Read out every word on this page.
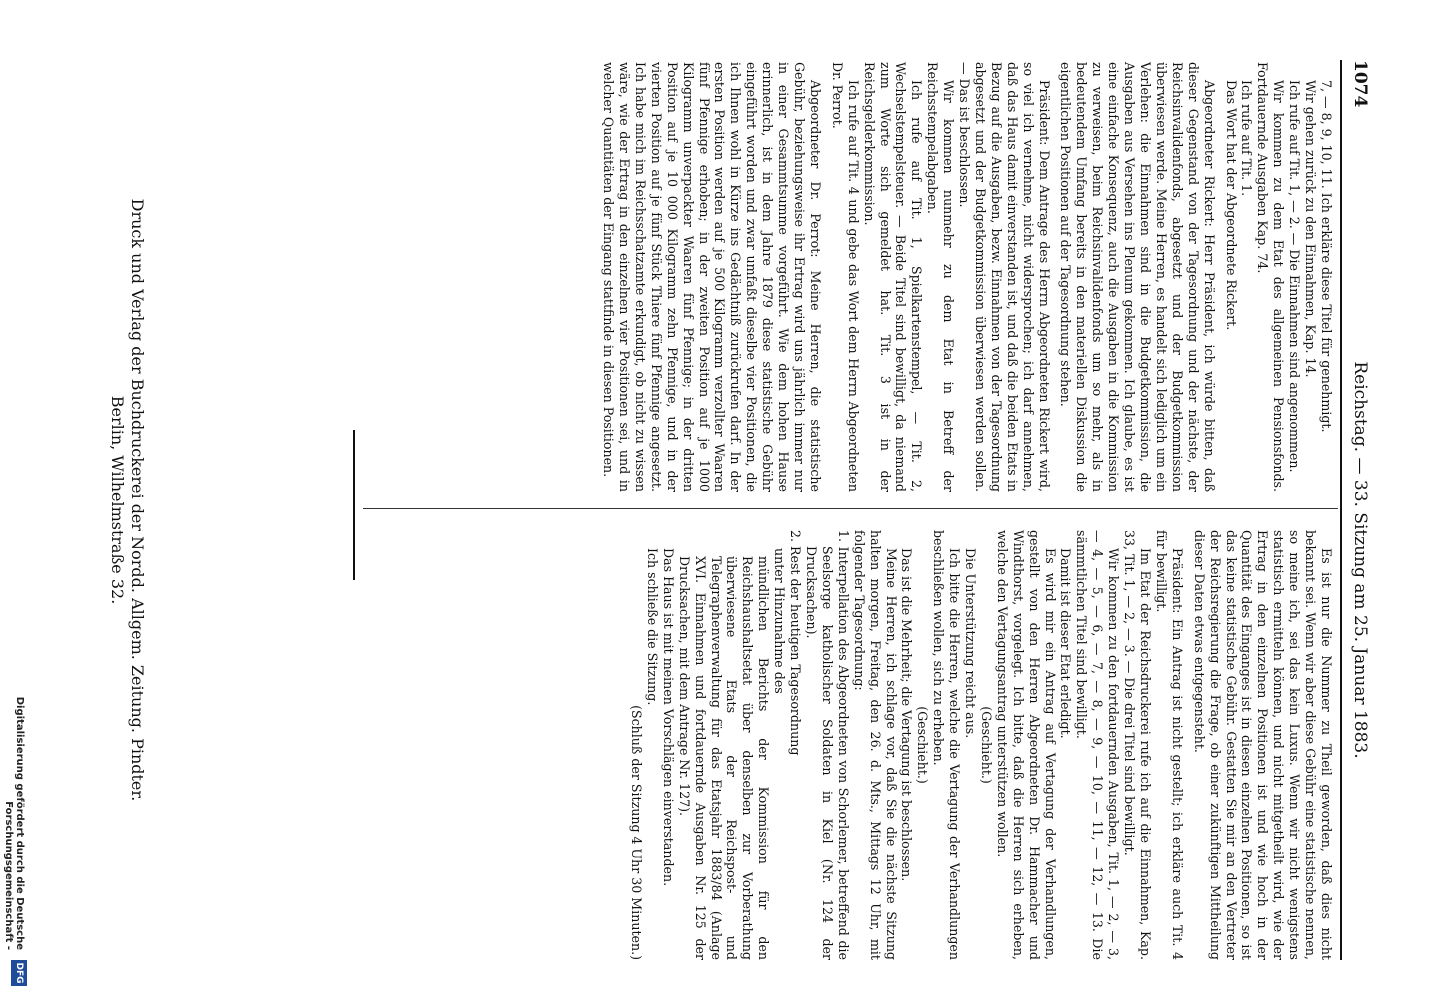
1074
Reichstag. — 33. Sitzung am 25. Januar 1883.

7, — 8, 9, 10, 11. Ich erkläre diese Titel für genehmigt.

Wir gehen zurück zu den Einnahmen, Kap. 14.

Ich rufe auf Tit. 1, — 2. — Die Einnahmen sind angenommen.

Wir kommen zu dem Etat des allgemeinen Pensionsfonds. Fortdauernde Ausgaben Kap. 74.

Ich rufe auf Tit. 1.

Das Wort hat der Abgeordnete Rickert.

Abgeordneter Rickert: Herr Präsident, ich würde bitten, daß dieser Gegenstand von der Tagesordnung und der nächste, der Reichsinvalidenfonds, abgesetzt und der Budgetkommission überwiesen werde. Meine Herren, es handelt sich lediglich um ein Verlehen: die Einnahmen sind in die Budgetkommission, die Ausgaben aus Versehen ins Plenum gekommen. Ich glaube, es ist eine einfache Konsequenz, auch die Ausgaben in die Kommission zu verweisen, beim Reichsinvalidenfonds um so mehr, als in bedeutendem Umfang bereits in den materiellen Diskussion die eigentlichen Positionen auf der Tagesordnung stehen.

Präsident: Dem Antrage des Herrn Abgeordneten Rickert wird, so viel ich vernehme, nicht widersprochen; ich darf annehmen, daß das Haus damit einverstanden ist, und daß die beiden Etats in Bezug auf die Ausgaben, bezw. Einnahmen von der Tagesordnung abgesetzt und der Budgetkommission überwiesen werden sollen. — Das ist beschlossen.

Wir kommen nunmehr zu dem Etat in Betreff der Reichsstempelabgaben.

Ich rufe auf Tit. 1, Spielkartenstempel, — Tit. 2, Wechselstempelsteuer. — Beide Titel sind bewilligt, da niemand zum Worte sich gemeldet hat. Tit. 3 ist in der Reichsgelderkommission.

Ich rufe auf Tit. 4 und gebe das Wort dem Herrn Abgeordneten Dr. Perrot.

Abgeordneter Dr. Perrot: Meine Herren, die statistische Gebühr, beziehungsweise ihr Ertrag wird uns jährlich immer nur in einer Gesammtsumme vorgeführt. Wie dem hohen Hause erinnerlich, ist in dem Jahre 1879 diese statistische Gebühr eingeführt worden und zwar umfaßt dieselbe vier Positionen, die ich Ihnen wohl in Kürze ins Gedächtniß zurückrufen darf. In der ersten Position werden auf je 500 Kilogramm verzollter Waaren fünf Pfennige erhoben; in der zweiten Position auf je 1000 Kilogramm unverpackter Waaren fünf Pfennige; in der dritten Position auf je 10 000 Kilogramm zehn Pfennige, und in der vierten Position auf je fünf Stück Thiere fünf Pfennige angesetzt. Ich habe mich im Reichsschatzamte erkundigt, ob nicht zu wissen wäre, wie der Ertrag in den einzelnen vier Positionen sei, und in welcher Quantitäten der Eingang stattfinde in diesen Positionen.

Es ist nur die Nummer zu Theil geworden, daß dies nicht bekannt sei. Wenn wir aber diese Gebühr eine statistische nennen, so meine ich, sei das kein Luxus. Wenn wir nicht wenigstens statistisch ermitteln können, und nicht mitgetheilt wird, wie der Ertrag in den einzelnen Positionen ist und wie hoch in der Quantität des Einganges ist in diesen einzelnen Positionen, so ist das keine statistische Gebühr. Gestatten Sie mir an den Vertreter der Reichsregierung die Frage, ob einer zukünftigen Mittheilung dieser Daten etwas entgegensteht.

Präsident: Ein Antrag ist nicht gestellt; ich erkläre auch Tit. 4 für bewilligt.

Im Etat der Reichsdruckerei rufe ich auf die Einnahmen, Kap. 33, Tit. 1, — 2, — 3. — Die drei Titel sind bewilligt.

Wir kommen zu den fortdauernden Ausgaben, Tit. 1, — 2, — 3, — 4, — 5, — 6, — 7, — 8, — 9, — 10, — 11, — 12, — 13. Die sämmtlichen Titel sind bewilligt.

Damit ist dieser Etat erledigt.

Es wird mir ein Antrag auf Vertagung der Verhandlungen, gestellt von den Herren Abgeordneten Dr. Hammacher und Windthorst, vorgelegt. Ich bitte, daß die Herren sich erheben, welche den Vertagungsantrag unterstützen wollen.

(Geschieht.)

Die Unterstützung reicht aus.

Ich bitte die Herren, welche die Vertagung der Verhandlungen beschließen wollen, sich zu erheben.

(Geschieht.)

Das ist die Mehrheit; die Vertagung ist beschlossen.

Meine Herren, ich schlage vor, daß Sie die nächste Sitzung halten morgen, Freitag, den 26. d. Mts., Mittags 12 Uhr, mit folgender Tagesordnung:

1. Interpellation des Abgeordneten von Schorlemer, betreffend die Seelsorge katholischer Soldaten in Kiel (Nr. 124 der Drucksachen).

2. Rest der heutigen Tagesordnung

unter Hinzunahme des

mündlichen Berichts der Kommission für den Reichshaushaltsetat über denselben zur Vorberathung überwiesene Etats der Reichspost- und Telegraphenverwaltung für das Etatsjahr 1883/84 (Anlage XVI. Einnahmen und fortdauernde Ausgaben Nr. 125 der Drucksachen, mit dem Antrage Nr. 127).

Das Haus ist mit meinen Vorschlägen einverstanden.

Ich schließe die Sitzung.

(Schluß der Sitzung 4 Uhr 30 Minuten.)

Druck und Verlag der Buchdruckerei der Nordd. Allgem. Zeitung. Pindter.
Berlin, Wilhelmstraße 32.
Digitalisierung gefördert durch die Deutsche Forschungsgemeinschaft -
DFG
